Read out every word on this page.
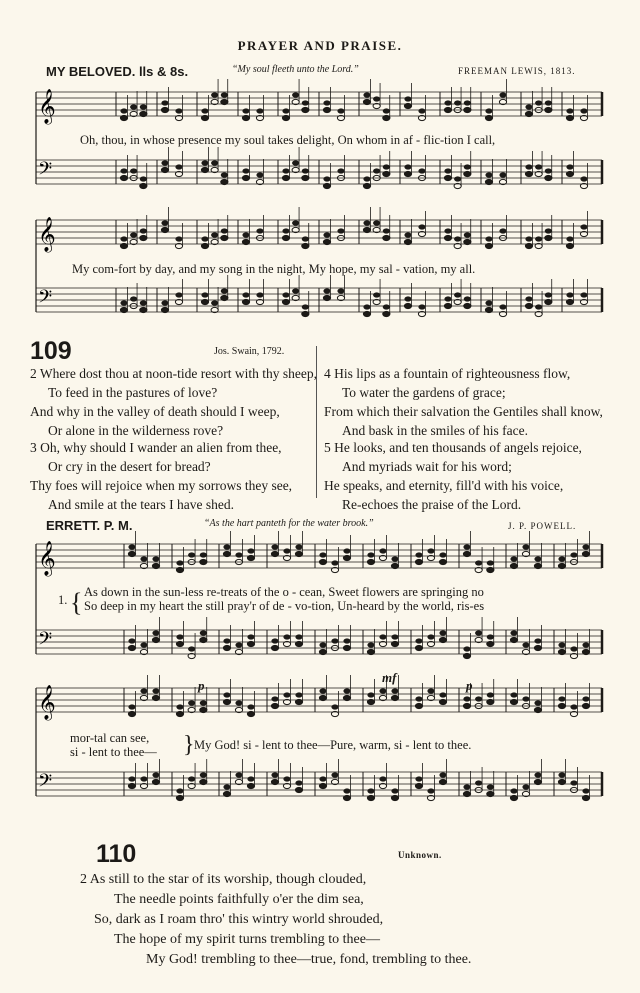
PRAYER AND PRAISE.
MY BELOVED. lls & 8s.	“My soul fleeth unto the Lord.”	FREEMAN LEWIS, 1813.
𝄞
𝄢
𝄞
𝄢
Oh, thou, in whose presence my soul takes delight, On whom in af - flic-tion I call,
My com-fort by day, and my song in the night, My hope, my sal - vation, my all.
109	Jos. Swain, 1792.
2 Where dost thou at noon-tide resort with thy sheep,
To feed in the pastures of love?
And why in the valley of death should I weep,
Or alone in the wilderness rove?
3 Oh, why should I wander an alien from thee,
Or cry in the desert for bread?
Thy foes will rejoice when my sorrows they see,
And smile at the tears I have shed.
4 His lips as a fountain of righteousness flow,
To water the gardens of grace;
From which their salvation the Gentiles shall know,
And bask in the smiles of his face.
5 He looks, and ten thousands of angels rejoice,
And myriads wait for his word;
He speaks, and eternity, fill'd with his voice,
Re-echoes the praise of the Lord.
ERRETT. P. M.	“As the hart panteth for the water brook.”	J. P. POWELL.
𝄞
𝄢
𝄞
𝄢
1. { As down in the sun-less re-treats of the o - cean, Sweet flowers are springing no
So deep in my heart the still pray'r of de - vo-tion, Un-heard by the world, ris-es
mor-tal can see,
si - lent to thee— } My God! si - lent to thee—Pure, warm, si - lent to thee.
p
mf
p
110	Unknown.
2 As still to the star of its worship, though clouded,
The needle points faithfully o'er the dim sea,
So, dark as I roam thro' this wintry world shrouded,
The hope of my spirit turns trembling to thee—
My God! trembling to thee—true, fond, trembling to thee.
